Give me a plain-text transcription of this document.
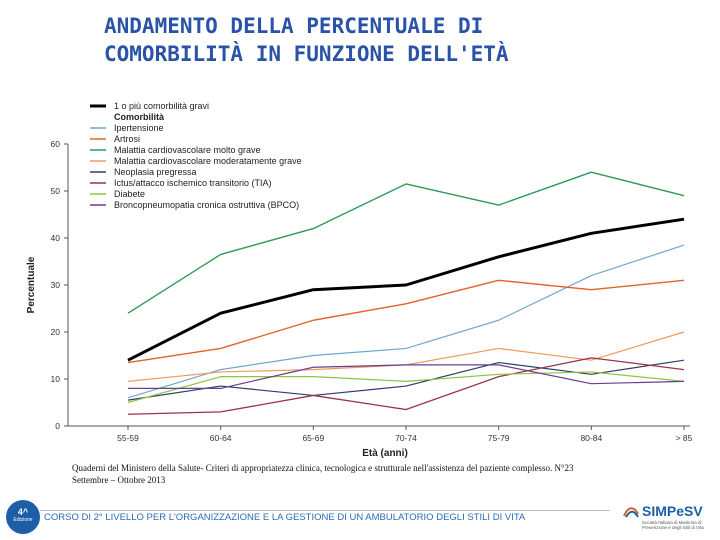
ANDAMENTO DELLA PERCENTUALE DI
COMORBILITÀ IN FUNZIONE DELL'ETÀ
0
10
20
30
40
50
60
55-59	60-64	65-69	70-74	75-79	80-84	> 85
1 o più comorbilità gravi
Comorbilità
Ipertensione
Artrosi
Malattia cardiovascolare molto grave
Malattia cardiovascolare moderatamente grave
Neoplasia pregressa
Ictus/attacco ischemico transitorio (TIA)
Diabete
Broncopneumopatia cronica ostruttiva (BPCO)
Percentuale
Età (anni)

Quaderni del Ministero della Salute- Criteri di appropriatezza clinica, tecnologica e strutturale nell'assistenza del paziente complesso. N°23
Settembre – Ottobre 2013

4^
Edizione	CORSO DI 2° LIVELLO PER L'ORGANIZZAZIONE E LA GESTIONE DI UN AMBULATORIO DEGLI STILI DI VITA	SIMPeSV
Società Italiana di Medicina di Prevenzione e degli Stili di Vita
